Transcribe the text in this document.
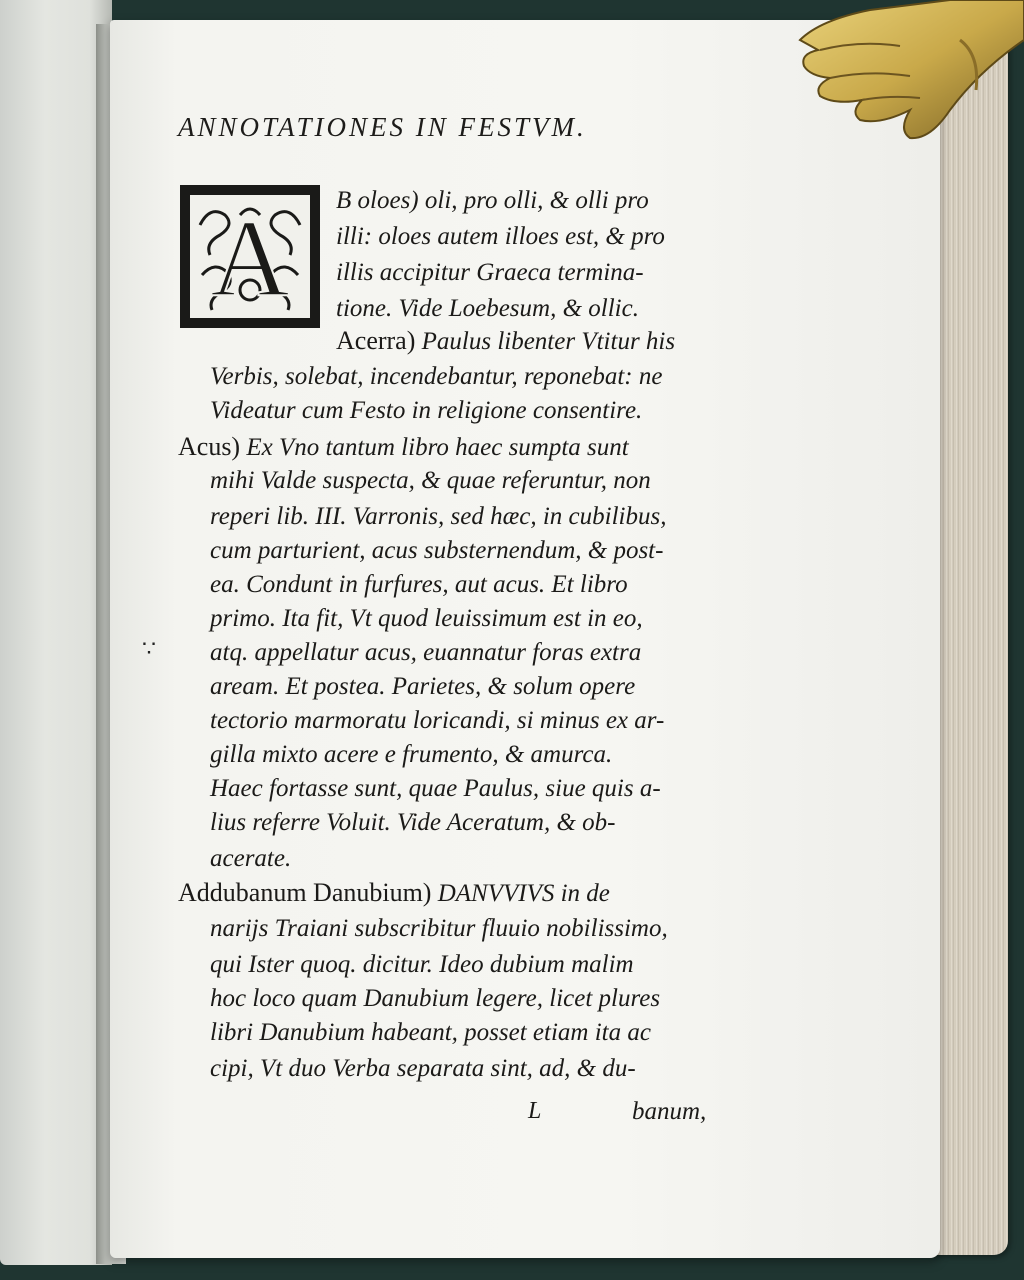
ANNOTATIONES IN FESTVM.
A B oloes) oli, pro olli, & olli pro
illi: oloes autem illoes est, & pro
illis accipitur Graeca termina-
tione. Vide Loebesum, & ollic.
Acerra) Paulus libenter Vtitur his
Verbis, solebat, incendebantur, reponebat: ne
Videatur cum Festo in religione consentire.
Acus) Ex Vno tantum libro haec sumpta sunt
mihi Valde suspecta, & quae referuntur, non
reperi lib. III. Varronis, sed hæc, in cubilibus,
cum parturient, acus substernendum, & post-
ea. Condunt in furfures, aut acus. Et libro
primo. Ita fit, Vt quod leuissimum est in eo,
atq. appellatur acus, euannatur foras extra
aream. Et postea. Parietes, & solum opere
tectorio marmoratu loricandi, si minus ex ar-
gilla mixto acere e frumento, & amurca.
Haec fortasse sunt, quae Paulus, siue quis a-
lius referre Voluit. Vide Aceratum, & ob-
acerate.
Addubanum Danubium) DANVVIVS in de
narijs Traiani subscribitur fluuio nobilissimo,
qui Ister quoq. dicitur. Ideo dubium malim
hoc loco quam Danubium legere, licet plures
libri Danubium habeant, posset etiam ita ac
cipi, Vt duo Verba separata sint, ad, & du-
∵
L	banum,
